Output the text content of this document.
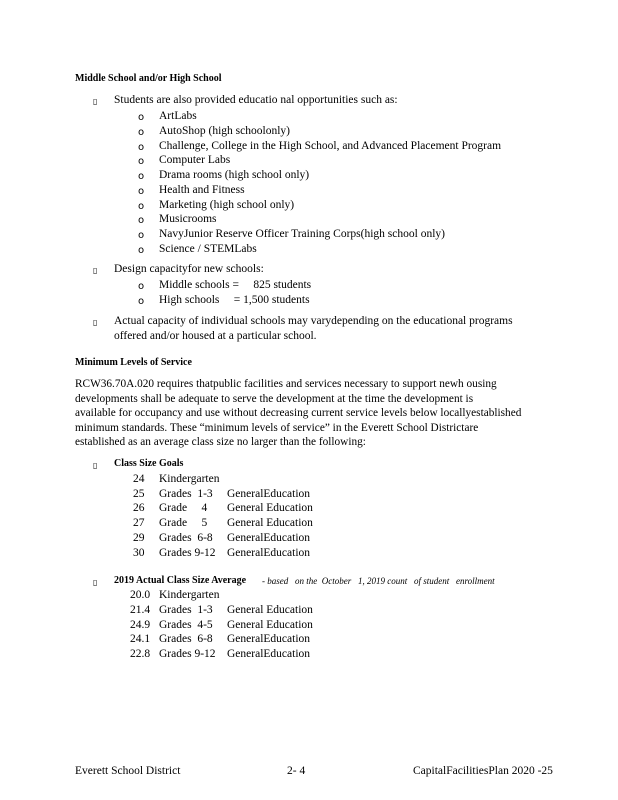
Middle School and/or High School
▯ Students are also provided educatio nal opportunities such as:
o ArtLabs
o AutoShop (high schoolonly)
o Challenge, College in the High School, and Advanced Placement Program
o Computer Labs
o Drama rooms (high school only)
o Health and Fitness
o Marketing (high school only)
o Musicrooms
o NavyJunior Reserve Officer Training Corps(high school only)
o Science / STEMLabs
▯ Design capacityfor new schools:
o Middle schools =     825 students
o High schools     = 1,500 students
▯ Actual capacity of individual schools may varydepending on the educational programs
offered and/or housed at a particular school.
Minimum Levels of Service
RCW36.70A.020 requires thatpublic facilities and services necessary to support newh ousing
developments shall be adequate to serve the development at the time the development is
available for occupancy and use without decreasing current service levels below locallyestablished
minimum standards. These “minimum levels of service” in the Everett School Districtare
established as an average class size no larger than the following:
▯ Class Size Goals
24 Kindergarten
25 Grades  1-3 GeneralEducation
26 Grade     4 General Education
27 Grade     5 General Education
29 Grades  6-8 GeneralEducation
30 Grades 9-12 GeneralEducation
▯ 2019 Actual Class Size Average - based   on the  October   1, 2019 count   of student   enrollment
20.0 Kindergarten
21.4 Grades  1-3 General Education
24.9 Grades  4-5 General Education
24.1 Grades  6-8 GeneralEducation
22.8 Grades 9-12 GeneralEducation
Everett School District	2- 4	CapitalFacilitiesPlan 2020 -25
